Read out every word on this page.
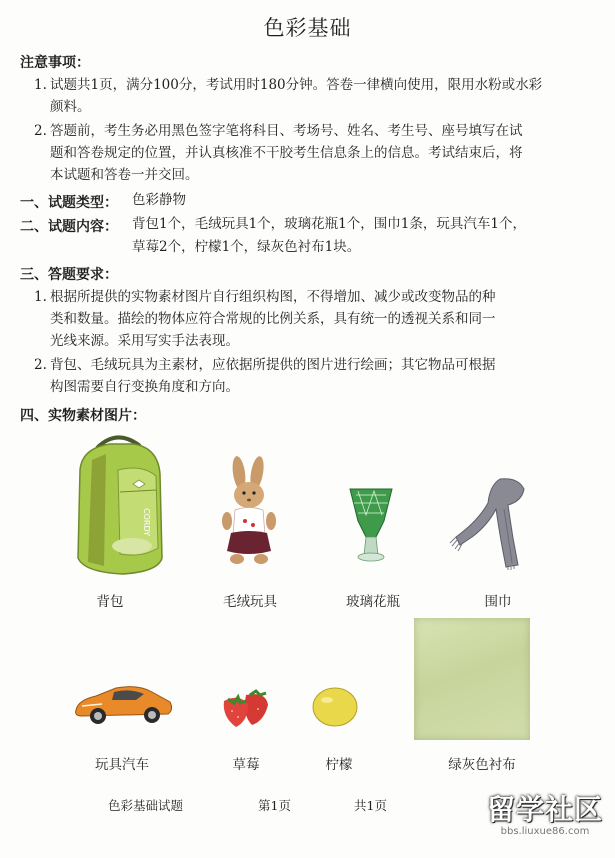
色彩基础
注意事项：
1. 试题共1页，满分100分，考试用时180分钟。答卷一律横向使用，限用水粉或水彩
颜料。
2. 答题前，考生务必用黑色签字笔将科目、考场号、姓名、考生号、座号填写在试
题和答卷规定的位置，并认真核准不干胶考生信息条上的信息。考试结束后，将
本试题和答卷一并交回。
一、试题类型： 色彩静物
二、试题内容： 背包1个，毛绒玩具1个，玻璃花瓶1个，围巾1条，玩具汽车1个，
草莓2个，柠檬1个，绿灰色衬布1块。
三、答题要求：
1. 根据所提供的实物素材图片自行组织构图，不得增加、减少或改变物品的种
类和数量。描绘的物体应符合常规的比例关系，具有统一的透视关系和同一
光线来源。采用写实手法表现。
2. 背包、毛绒玩具为主素材，应依据所提供的图片进行绘画；其它物品可根据
构图需要自行变换角度和方向。
四、实物素材图片：
CORDY
背包	毛绒玩具	玻璃花瓶	围巾
玩具汽车	草莓	柠檬	绿灰色衬布
色彩基础试题	第1页	共1页	留学社区
bbs.liuxue86.com
